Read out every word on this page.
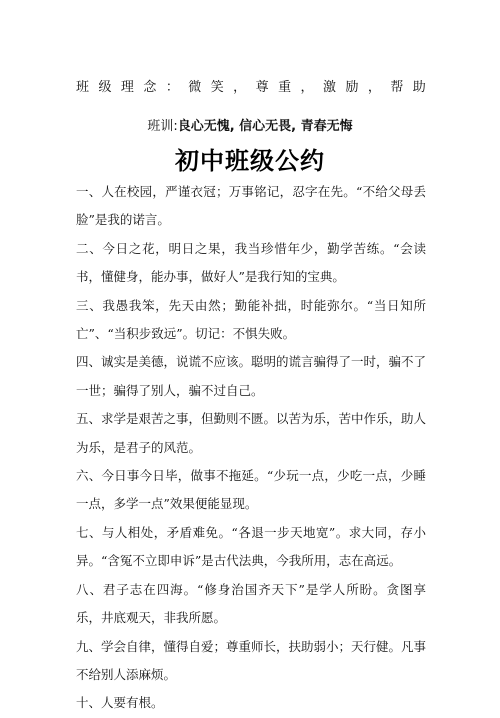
班 级 理 念 ： 微 笑 ， 尊 重 ， 激 励 ， 帮 助
班训:良心无愧, 信心无畏, 青春无悔
初中班级公约

一、人在校园，严谨衣冠；万事铭记，忍字在先。“不给父母丢脸”是我的诺言。

二、今日之花，明日之果，我当珍惜年少，勤学苦练。“会读书，懂健身，能办事，做好人”是我行知的宝典。

三、我愚我笨，先天由然；勤能补拙，时能弥尔。“当日知所亡”、“当积步致远”。切记：不惧失败。

四、诚实是美德，说谎不应该。聪明的谎言骗得了一时，骗不了一世；骗得了别人，骗不过自己。

五、求学是艰苦之事，但勤则不匮。以苦为乐，苦中作乐，助人为乐，是君子的风范。

六、今日事今日毕，做事不拖延。“少玩一点，少吃一点，少睡一点，多学一点”效果便能显现。

七、与人相处，矛盾难免。“各退一步天地宽”。求大同，存小异。“含冤不立即申诉”是古代法典，今我所用，志在高远。

八、君子志在四海。“修身治国齐天下”是学人所盼。贪图享乐，井底观天，非我所愿。

九、学会自律，懂得自爱；尊重师长，扶助弱小；天行健。凡事不给别人添麻烦。

十、人要有根。
